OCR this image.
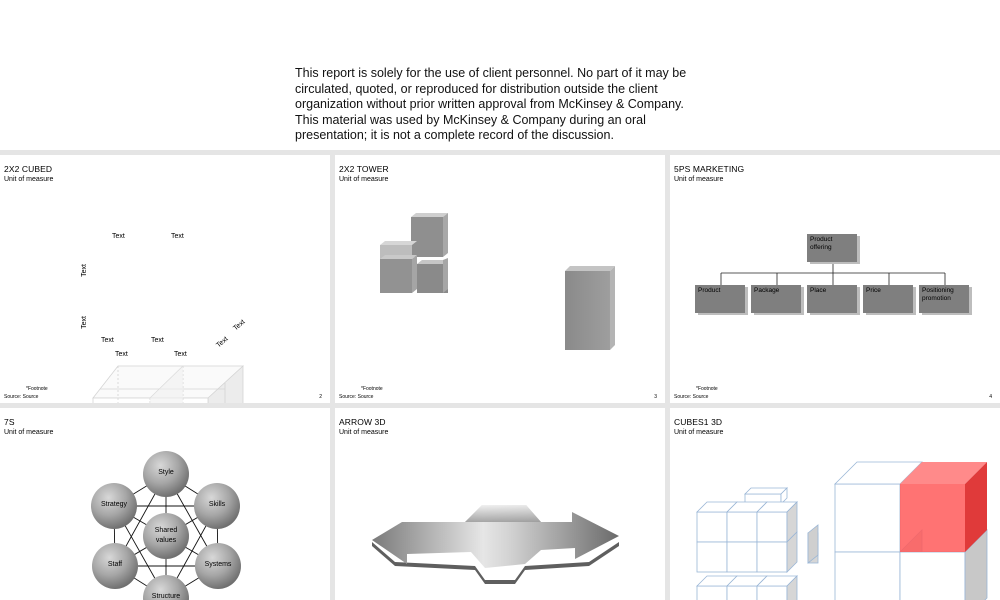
This report is solely for the use of client personnel. No part of it may be
circulated, quoted, or reproduced for distribution outside the client
organization without prior written approval from McKinsey & Company.
This material was used by McKinsey & Company during an oral
presentation; it is not a complete record of the discussion.
2X2 CUBED
Unit of measure
Text	Text
Text	Text
Text	Text
Text
Text	Text
Text
*Footnote
Source: Source	2
2X2 TOWER
Unit of measure
*Footnote
Source: Source	3
5PS MARKETING
Unit of measure
Product
offering
Product	Package	Place	Price	Positioning
promotion
*Footnote
Source: Source	4
7S
Unit of measure
Style
Strategy	Skills
Shared
values
Staff	Systems
Structure
ARROW 3D
Unit of measure
CUBES1 3D
Unit of measure
